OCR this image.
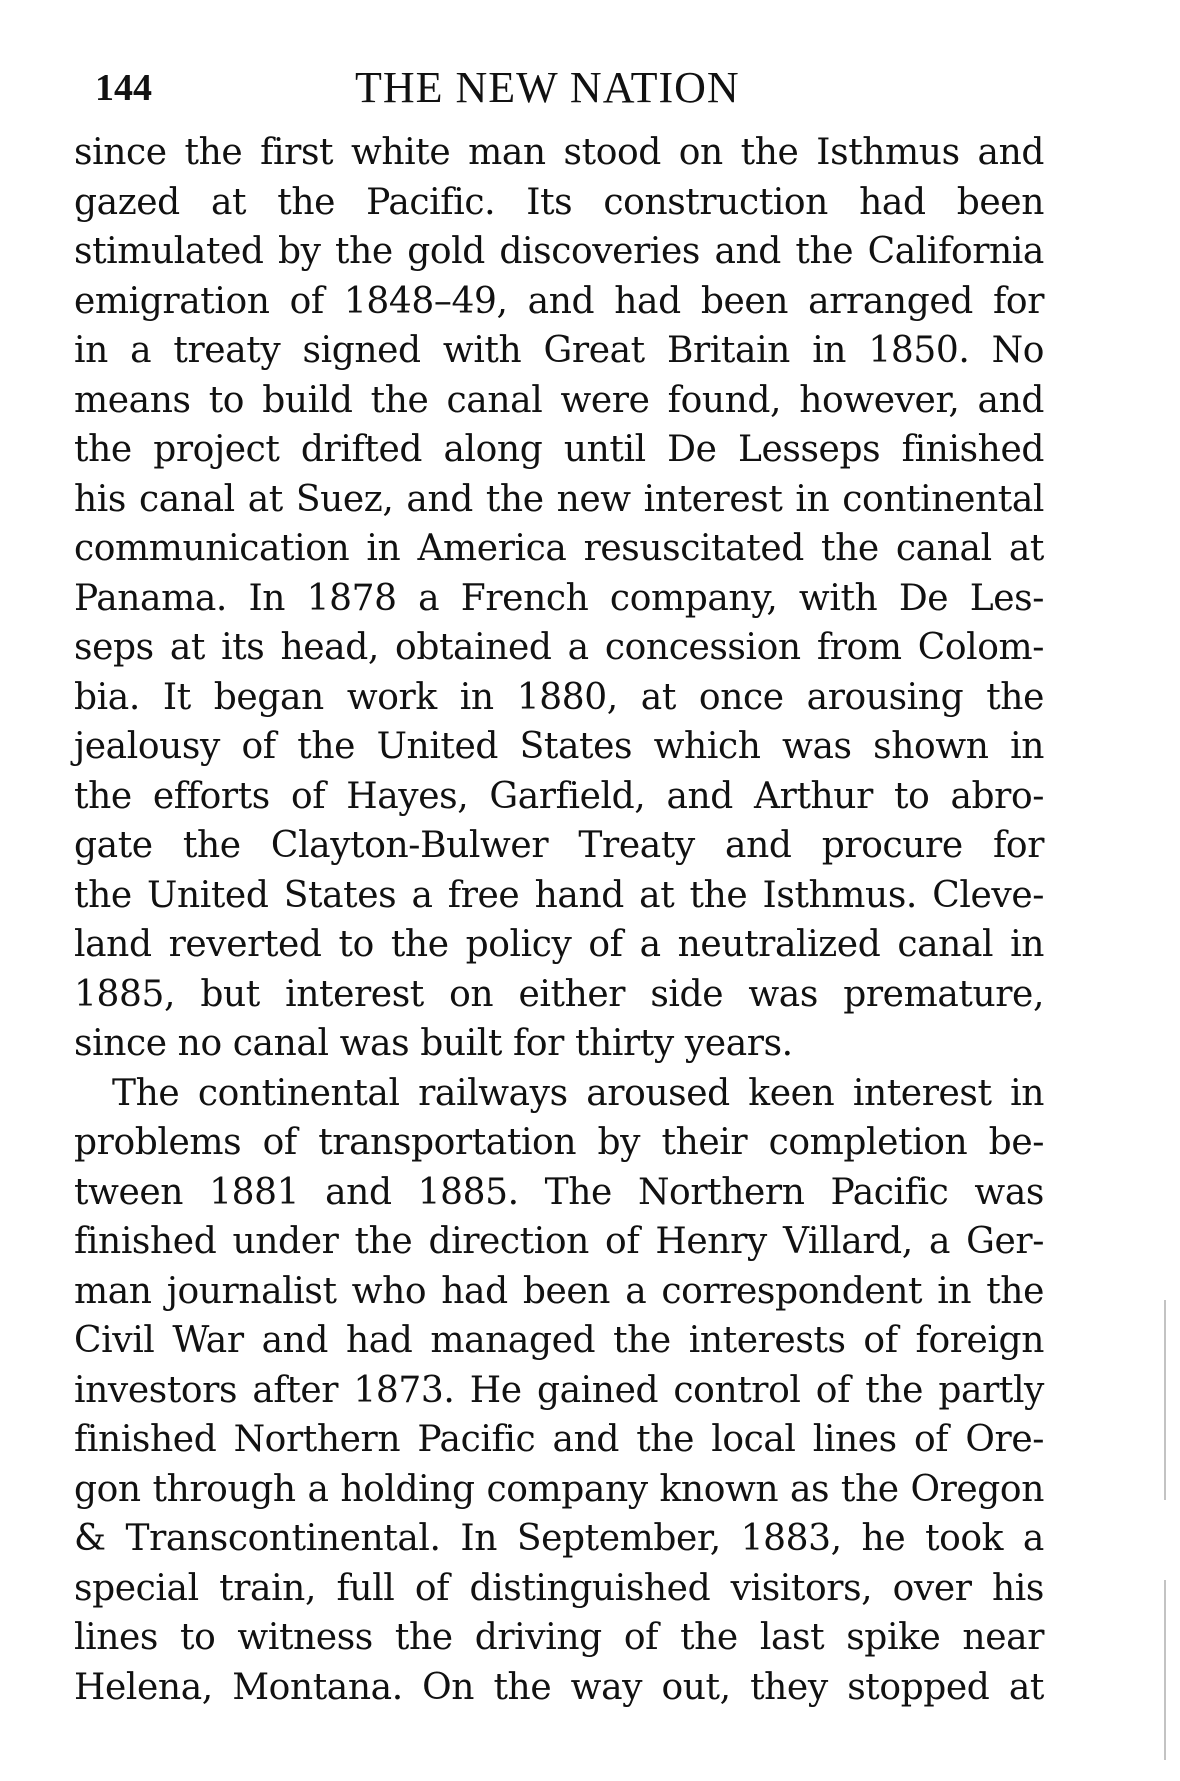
144	THE NEW NATION
since the first white man stood on the Isthmus and
gazed at the Pacific. Its construction had been
stimulated by the gold discoveries and the California
emigration of 1848–49, and had been arranged for
in a treaty signed with Great Britain in 1850. No
means to build the canal were found, however, and
the project drifted along until De Lesseps finished
his canal at Suez, and the new interest in continental
communication in America resuscitated the canal at
Panama. In 1878 a French company, with De Les-
seps at its head, obtained a concession from Colom-
bia. It began work in 1880, at once arousing the
jealousy of the United States which was shown in
the efforts of Hayes, Garfield, and Arthur to abro-
gate the Clayton-Bulwer Treaty and procure for
the United States a free hand at the Isthmus. Cleve-
land reverted to the policy of a neutralized canal in
1885, but interest on either side was premature,
since no canal was built for thirty years.
The continental railways aroused keen interest in
problems of transportation by their completion be-
tween 1881 and 1885. The Northern Pacific was
finished under the direction of Henry Villard, a Ger-
man journalist who had been a correspondent in the
Civil War and had managed the interests of foreign
investors after 1873. He gained control of the partly
finished Northern Pacific and the local lines of Ore-
gon through a holding company known as the Oregon
& Transcontinental. In September, 1883, he took a
special train, full of distinguished visitors, over his
lines to witness the driving of the last spike near
Helena, Montana. On the way out, they stopped at
